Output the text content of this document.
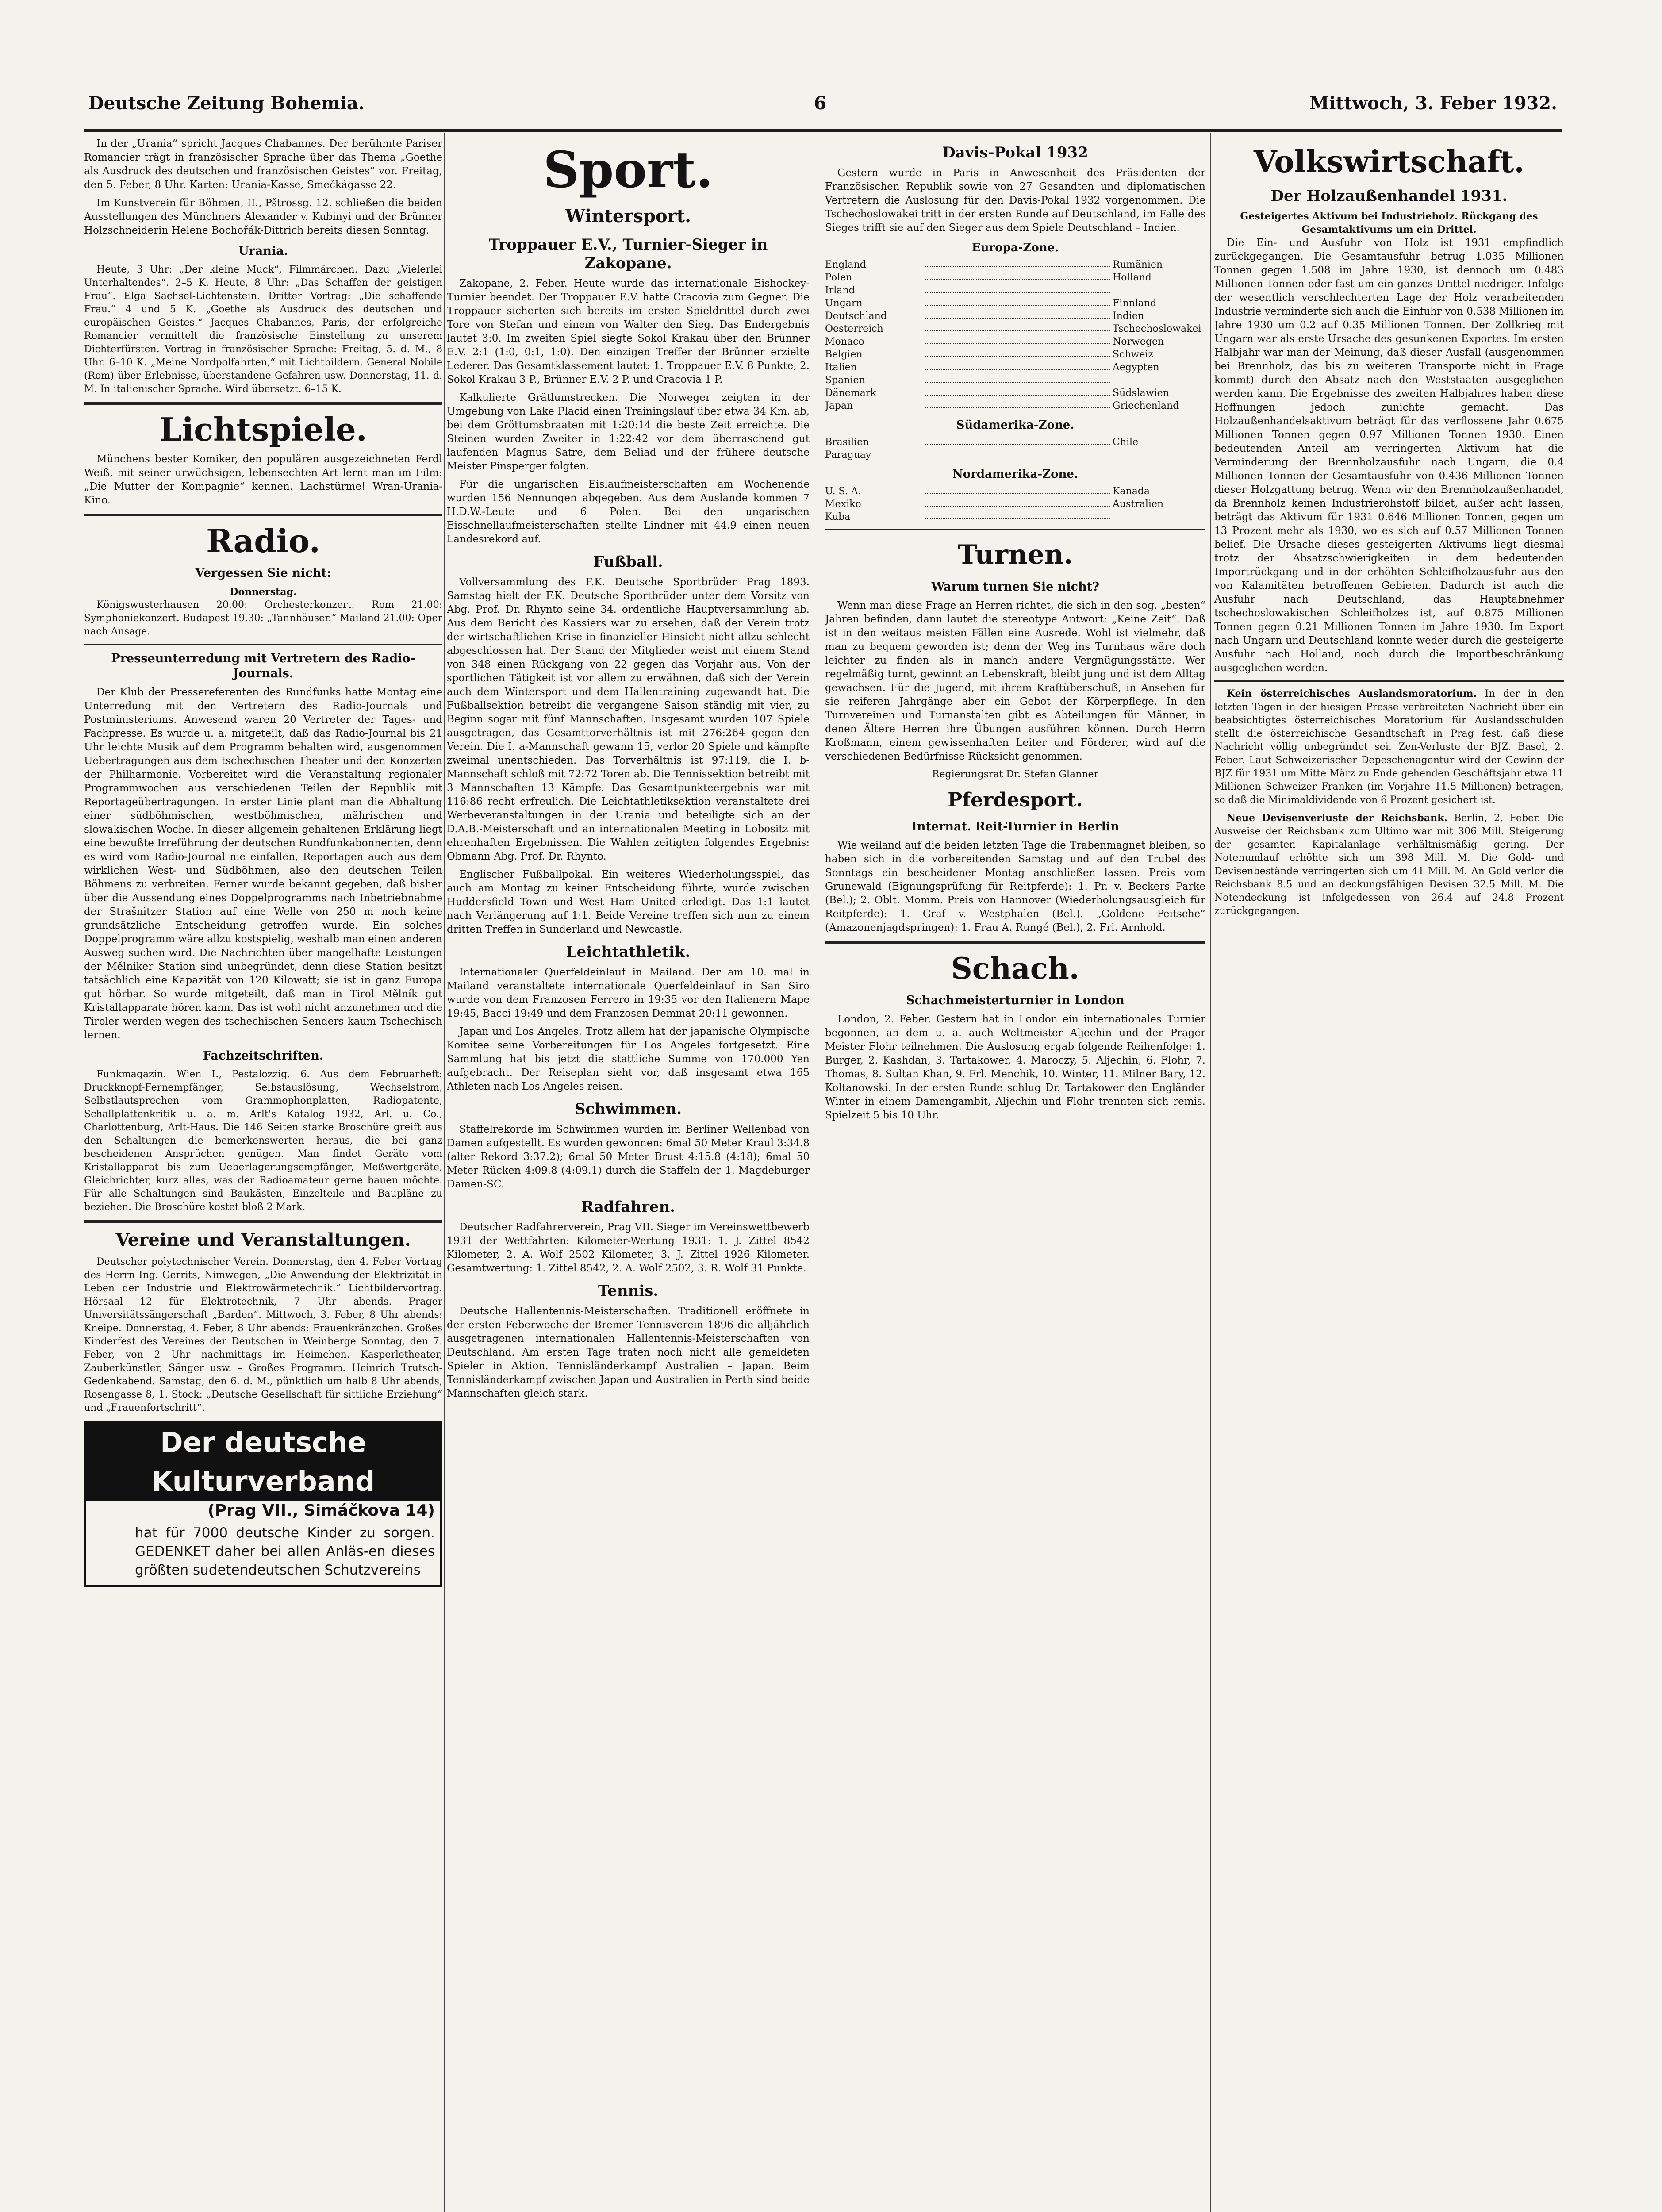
Deutsche Zeitung Bohemia.	6	Mittwoch, 3. Feber 1932.

In der „Urania“ spricht Jacques Chabannes. Der berühmte Pariser Romancier trägt in französischer Sprache über das Thema „Goethe als Ausdruck des deutschen und französischen Geistes“ vor. Freitag, den 5. Feber, 8 Uhr. Karten: Urania-Kasse, Smečkágasse 22.

Im Kunstverein für Böhmen, II., Pštrossg. 12, schließen die beiden Ausstellungen des Münchners Alexander v. Kubinyi und der Brünner Holzschneiderin Helene Bochořák-Dittrich bereits diesen Sonntag.

Urania.

Heute, 3 Uhr: „Der kleine Muck“, Filmmärchen. Dazu „Vielerlei Unterhaltendes“. 2–5 K. Heute, 8 Uhr: „Das Schaffen der geistigen Frau“. Elga Sachsel-Lichtenstein. Dritter Vortrag: „Die schaffende Frau.“ 4 und 5 K. „Goethe als Ausdruck des deutschen und europäischen Geistes.“ Jacques Chabannes, Paris, der erfolgreiche Romancier vermittelt die französische Einstellung zu unserem Dichterfürsten. Vortrag in französischer Sprache: Freitag, 5. d. M., 8 Uhr. 6–10 K. „Meine Nordpolfahrten,“ mit Lichtbildern. General Nobile (Rom) über Erlebnisse, überstandene Gefahren usw. Donnerstag, 11. d. M. In italienischer Sprache. Wird übersetzt. 6–15 K.

Lichtspiele.

Münchens bester Komiker, den populären ausgezeichneten Ferdl Weiß, mit seiner urwüchsigen, lebensechten Art lernt man im Film: „Die Mutter der Kompagnie“ kennen. Lachstürme! Wran-Urania-Kino.

Radio.
Vergessen Sie nicht:
Donnerstag.

Königswusterhausen 20.00: Orchesterkonzert. Rom 21.00: Symphoniekonzert. Budapest 19.30: „Tannhäuser.“ Mailand 21.00: Oper nach Ansage.

Presseunterredung mit Vertretern des Radio-Journals.

Der Klub der Pressereferenten des Rundfunks hatte Montag eine Unterredung mit den Vertretern des Radio-Journals und Postministeriums. Anwesend waren 20 Vertreter der Tages- und Fachpresse. Es wurde u. a. mitgeteilt, daß das Radio-Journal bis 21 Uhr leichte Musik auf dem Programm behalten wird, ausgenommen Uebertragungen aus dem tschechischen Theater und den Konzerten der Philharmonie. Vorbereitet wird die Veranstaltung regionaler Programmwochen aus verschiedenen Teilen der Republik mit Reportageübertragungen. In erster Linie plant man die Abhaltung einer südböhmischen, westböhmischen, mährischen und slowakischen Woche. In dieser allgemein gehaltenen Erklärung liegt eine bewußte Irreführung der deutschen Rundfunkabonnenten, denn es wird vom Radio-Journal nie einfallen, Reportagen auch aus dem wirklichen West- und Südböhmen, also den deutschen Teilen Böhmens zu verbreiten. Ferner wurde bekannt gegeben, daß bisher über die Aussendung eines Doppelprogramms nach Inbetriebnahme der Strašnitzer Station auf eine Welle von 250 m noch keine grundsätzliche Entscheidung getroffen wurde. Ein solches Doppelprogramm wäre allzu kostspielig, weshalb man einen anderen Ausweg suchen wird. Die Nachrichten über mangelhafte Leistungen der Mělniker Station sind unbegründet, denn diese Station besitzt tatsächlich eine Kapazität von 120 Kilowatt; sie ist in ganz Europa gut hörbar. So wurde mitgeteilt, daß man in Tirol Mělník gut Kristallapparate hören kann. Das ist wohl nicht anzunehmen und die Tiroler werden wegen des tschechischen Senders kaum Tschechisch lernen.

Fachzeitschriften.

Funkmagazin. Wien I., Pestalozzig. 6. Aus dem Februarheft: Druckknopf-Fernempfänger, Selbstauslösung, Wechselstrom, Selbstlautsprechen vom Grammophonplatten, Radiopatente, Schallplattenkritik u. a. m. Arlt's Katalog 1932, Arl. u. Co., Charlottenburg, Arlt-Haus. Die 146 Seiten starke Broschüre greift aus den Schaltungen die bemerkenswerten heraus, die bei ganz bescheidenen Ansprüchen genügen. Man findet Geräte vom Kristallapparat bis zum Ueberlagerungsempfänger, Meßwertgeräte, Gleichrichter, kurz alles, was der Radioamateur gerne bauen möchte. Für alle Schaltungen sind Baukästen, Einzelteile und Baupläne zu beziehen. Die Broschüre kostet bloß 2 Mark.

Vereine und Veranstaltungen.

Deutscher polytechnischer Verein. Donnerstag, den 4. Feber Vortrag des Herrn Ing. Gerrits, Nimwegen, „Die Anwendung der Elektrizität in Leben der Industrie und Elektrowärmetechnik.“ Lichtbildervortrag. Hörsaal 12 für Elektrotechnik, 7 Uhr abends. Prager Universitätssängerschaft „Barden“. Mittwoch, 3. Feber, 8 Uhr abends: Kneipe. Donnerstag, 4. Feber, 8 Uhr abends: Frauenkränzchen. Großes Kinderfest des Vereines der Deutschen in Weinberge Sonntag, den 7. Feber, von 2 Uhr nachmittags im Heimchen. Kasperletheater, Zauberkünstler, Sänger usw. – Großes Programm. Heinrich Trutsch-Gedenkabend. Samstag, den 6. d. M., pünktlich um halb 8 Uhr abends, Rosengasse 8, 1. Stock: „Deutsche Gesellschaft für sittliche Erziehung“ und „Frauenfortschritt“.

Der deutsche Kulturverband
(Prag VII., Simáčkova 14)
hat für 7000 deutsche Kinder zu sorgen. GEDENKET daher bei allen Anläs-en dieses größten sudetendeutschen Schutzvereins
Sport.
Wintersport.
Troppauer E.V., Turnier-Sieger in Zakopane.

Zakopane, 2. Feber. Heute wurde das internationale Eishockey-Turnier beendet. Der Troppauer E.V. hatte Cracovia zum Gegner. Die Troppauer sicherten sich bereits im ersten Spieldrittel durch zwei Tore von Stefan und einem von Walter den Sieg. Das Endergebnis lautet 3:0. Im zweiten Spiel siegte Sokol Krakau über den Brünner E.V. 2:1 (1:0, 0:1, 1:0). Den einzigen Treffer der Brünner erzielte Lederer. Das Gesamtklassement lautet: 1. Troppauer E.V. 8 Punkte, 2. Sokol Krakau 3 P., Brünner E.V. 2 P. und Cracovia 1 P.

Kalkulierte Grätlumstrecken. Die Norweger zeigten in der Umgebung von Lake Placid einen Trainingslauf über etwa 34 Km. ab, bei dem Gröttumsbraaten mit 1:20:14 die beste Zeit erreichte. Die Steinen wurden Zweiter in 1:22:42 vor dem überraschend gut laufenden Magnus Satre, dem Beliad und der frühere deutsche Meister Pinsperger folgten.

Für die ungarischen Eislaufmeisterschaften am Wochenende wurden 156 Nennungen abgegeben. Aus dem Auslande kommen 7 H.D.W.-Leute und 6 Polen. Bei den ungarischen Eisschnellaufmeisterschaften stellte Lindner mit 44.9 einen neuen Landesrekord auf.

Fußball.

Vollversammlung des F.K. Deutsche Sportbrüder Prag 1893. Samstag hielt der F.K. Deutsche Sportbrüder unter dem Vorsitz von Abg. Prof. Dr. Rhynto seine 34. ordentliche Hauptversammlung ab. Aus dem Bericht des Kassiers war zu ersehen, daß der Verein trotz der wirtschaftlichen Krise in finanzieller Hinsicht nicht allzu schlecht abgeschlossen hat. Der Stand der Mitglieder weist mit einem Stand von 348 einen Rückgang von 22 gegen das Vorjahr aus. Von der sportlichen Tätigkeit ist vor allem zu erwähnen, daß sich der Verein auch dem Wintersport und dem Hallentraining zugewandt hat. Die Fußballsektion betreibt die vergangene Saison ständig mit vier, zu Beginn sogar mit fünf Mannschaften. Insgesamt wurden 107 Spiele ausgetragen, das Gesamttorverhältnis ist mit 276:264 gegen den Verein. Die I. a-Mannschaft gewann 15, verlor 20 Spiele und kämpfte zweimal unentschieden. Das Torverhältnis ist 97:119, die I. b-Mannschaft schloß mit 72:72 Toren ab. Die Tennissektion betreibt mit 3 Mannschaften 13 Kämpfe. Das Gesamtpunkteergebnis war mit 116:86 recht erfreulich. Die Leichtathletiksektion veranstaltete drei Werbeveranstaltungen in der Urania und beteiligte sich an der D.A.B.-Meisterschaft und an internationalen Meeting in Lobositz mit ehrenhaften Ergebnissen. Die Wahlen zeitigten folgendes Ergebnis: Obmann Abg. Prof. Dr. Rhynto.

Englischer Fußballpokal. Ein weiteres Wiederholungsspiel, das auch am Montag zu keiner Entscheidung führte, wurde zwischen Huddersfield Town und West Ham United erledigt. Das 1:1 lautet nach Verlängerung auf 1:1. Beide Vereine treffen sich nun zu einem dritten Treffen in Sunderland und Newcastle.

Leichtathletik.

Internationaler Querfeldeinlauf in Mailand. Der am 10. mal in Mailand veranstaltete internationale Querfeldeinlauf in San Siro wurde von dem Franzosen Ferrero in 19:35 vor den Italienern Mape 19:45, Bacci 19:49 und dem Franzosen Demmat 20:11 gewonnen.

Japan und Los Angeles. Trotz allem hat der japanische Olympische Komitee seine Vorbereitungen für Los Angeles fortgesetzt. Eine Sammlung hat bis jetzt die stattliche Summe von 170.000 Yen aufgebracht. Der Reiseplan sieht vor, daß insgesamt etwa 165 Athleten nach Los Angeles reisen.

Schwimmen.

Staffelrekorde im Schwimmen wurden im Berliner Wellenbad von Damen aufgestellt. Es wurden gewonnen: 6mal 50 Meter Kraul 3:34.8 (alter Rekord 3:37.2); 6mal 50 Meter Brust 4:15.8 (4:18); 6mal 50 Meter Rücken 4:09.8 (4:09.1) durch die Staffeln der 1. Magdeburger Damen-SC.

Radfahren.

Deutscher Radfahrerverein, Prag VII. Sieger im Vereinswettbewerb 1931 der Wettfahrten: Kilometer-Wertung 1931: 1. J. Zittel 8542 Kilometer, 2. A. Wolf 2502 Kilometer, 3. J. Zittel 1926 Kilometer. Gesamtwertung: 1. Zittel 8542, 2. A. Wolf 2502, 3. R. Wolf 31 Punkte.

Tennis.

Deutsche Hallentennis-Meisterschaften. Traditionell eröffnete in der ersten Feberwoche der Bremer Tennisverein 1896 die alljährlich ausgetragenen internationalen Hallentennis-Meisterschaften von Deutschland. Am ersten Tage traten noch nicht alle gemeldeten Spieler in Aktion. Tennisländerkampf Australien – Japan. Beim Tennisländerkampf zwischen Japan und Australien in Perth sind beide Mannschaften gleich stark.

Davis-Pokal 1932

Gestern wurde in Paris in Anwesenheit des Präsidenten der Französischen Republik sowie von 27 Gesandten und diplomatischen Vertretern die Auslosung für den Davis-Pokal 1932 vorgenommen. Die Tschechoslowakei tritt in der ersten Runde auf Deutschland, im Falle des Sieges trifft sie auf den Sieger aus dem Spiele Deutschland – Indien.

Europa-Zone.
England	Rumänien
Polen	Holland
Irland
Ungarn	Finnland
Deutschland	Indien
Oesterreich	Tschechoslowakei
Monaco	Norwegen
Belgien	Schweiz
Italien	Aegypten
Spanien
Dänemark	Südslawien
Japan	Griechenland
Südamerika-Zone.
Brasilien	Chile
Paraguay
Nordamerika-Zone.
U. S. A.	Kanada
Mexiko	Australien
Kuba
Turnen.
Warum turnen Sie nicht?

Wenn man diese Frage an Herren richtet, die sich in den sog. „besten“ Jahren befinden, dann lautet die stereotype Antwort: „Keine Zeit“. Daß ist in den weitaus meisten Fällen eine Ausrede. Wohl ist vielmehr, daß man zu bequem geworden ist; denn der Weg ins Turnhaus wäre doch leichter zu finden als in manch andere Vergnügungsstätte. Wer regelmäßig turnt, gewinnt an Lebenskraft, bleibt jung und ist dem Alltag gewachsen. Für die Jugend, mit ihrem Kraftüberschuß, in Ansehen für sie reiferen Jahrgänge aber ein Gebot der Körperpflege. In den Turnvereinen und Turnanstalten gibt es Abteilungen für Männer, in denen Ältere Herren ihre Übungen ausführen können. Durch Herrn Kroßmann, einem gewissenhaften Leiter und Förderer, wird auf die verschiedenen Bedürfnisse Rücksicht genommen.

Regierungsrat Dr. Stefan Glanner

Pferdesport.
Internat. Reit-Turnier in Berlin

Wie weiland auf die beiden letzten Tage die Trabenmagnet bleiben, so haben sich in die vorbereitenden Samstag und auf den Trubel des Sonntags ein bescheidener Montag anschließen lassen. Preis vom Grunewald (Eignungsprüfung für Reitpferde): 1. Pr. v. Beckers Parke (Bel.); 2. Oblt. Momm. Preis von Hannover (Wiederholungsausgleich für Reitpferde): 1. Graf v. Westphalen (Bel.). „Goldene Peitsche“ (Amazonenjagdspringen): 1. Frau A. Rungé (Bel.), 2. Frl. Arnhold.

Schach.
Schachmeisterturnier in London

London, 2. Feber. Gestern hat in London ein internationales Turnier begonnen, an dem u. a. auch Weltmeister Aljechin und der Prager Meister Flohr teilnehmen. Die Auslosung ergab folgende Reihenfolge: 1. Burger, 2. Kashdan, 3. Tartakower, 4. Maroczy, 5. Aljechin, 6. Flohr, 7. Thomas, 8. Sultan Khan, 9. Frl. Menchik, 10. Winter, 11. Milner Bary, 12. Koltanowski. In der ersten Runde schlug Dr. Tartakower den Engländer Winter in einem Damengambit, Aljechin und Flohr trennten sich remis. Spielzeit 5 bis 10 Uhr.

Volkswirtschaft.
Der Holzaußenhandel 1931.
Gesteigertes Aktivum bei Industrieholz. Rückgang des Gesamtaktivums um ein Drittel.

Die Ein- und Ausfuhr von Holz ist 1931 empfindlich zurückgegangen. Die Gesamtausfuhr betrug 1.035 Millionen Tonnen gegen 1.508 im Jahre 1930, ist dennoch um 0.483 Millionen Tonnen oder fast um ein ganzes Drittel niedriger. Infolge der wesentlich verschlechterten Lage der Holz verarbeitenden Industrie verminderte sich auch die Einfuhr von 0.538 Millionen im Jahre 1930 um 0.2 auf 0.35 Millionen Tonnen. Der Zollkrieg mit Ungarn war als erste Ursache des gesunkenen Exportes. Im ersten Halbjahr war man der Meinung, daß dieser Ausfall (ausgenommen bei Brennholz, das bis zu weiteren Transporte nicht in Frage kommt) durch den Absatz nach den Weststaaten ausgeglichen werden kann. Die Ergebnisse des zweiten Halbjahres haben diese Hoffnungen jedoch zunichte gemacht. Das Holzaußenhandelsaktivum beträgt für das verflossene Jahr 0.675 Millionen Tonnen gegen 0.97 Millionen Tonnen 1930. Einen bedeutenden Anteil am verringerten Aktivum hat die Verminderung der Brennholzausfuhr nach Ungarn, die 0.4 Millionen Tonnen der Gesamtausfuhr von 0.436 Millionen Tonnen dieser Holzgattung betrug. Wenn wir den Brennholzaußenhandel, da Brennholz keinen Industrierohstoff bildet, außer acht lassen, beträgt das Aktivum für 1931 0.646 Millionen Tonnen, gegen um 13 Prozent mehr als 1930, wo es sich auf 0.57 Millionen Tonnen belief. Die Ursache dieses gesteigerten Aktivums liegt diesmal trotz der Absatzschwierigkeiten in dem bedeutenden Importrückgang und in der erhöhten Schleifholzausfuhr aus den von Kalamitäten betroffenen Gebieten. Dadurch ist auch die Ausfuhr nach Deutschland, das Hauptabnehmer tschechoslowakischen Schleifholzes ist, auf 0.875 Millionen Tonnen gegen 0.21 Millionen Tonnen im Jahre 1930. Im Export nach Ungarn und Deutschland konnte weder durch die gesteigerte Ausfuhr nach Holland, noch durch die Importbeschränkung ausgeglichen werden.

Kein österreichisches Auslandsmoratorium. In der in den letzten Tagen in der hiesigen Presse verbreiteten Nachricht über ein beabsichtigtes österreichisches Moratorium für Auslandsschulden stellt die österreichische Gesandtschaft in Prag fest, daß diese Nachricht völlig unbegründet sei. Zen-Verluste der BJZ. Basel, 2. Feber. Laut Schweizerischer Depeschenagentur wird der Gewinn der BJZ für 1931 um Mitte März zu Ende gehenden Geschäftsjahr etwa 11 Millionen Schweizer Franken (im Vorjahre 11.5 Millionen) betragen, so daß die Minimaldividende von 6 Prozent gesichert ist.

Neue Devisenverluste der Reichsbank. Berlin, 2. Feber. Die Ausweise der Reichsbank zum Ultimo war mit 306 Mill. Steigerung der gesamten Kapitalanlage verhältnismäßig gering. Der Notenumlauf erhöhte sich um 398 Mill. M. Die Gold- und Devisenbestände verringerten sich um 41 Mill. M. An Gold verlor die Reichsbank 8.5 und an deckungsfähigen Devisen 32.5 Mill. M. Die Notendeckung ist infolgedessen von 26.4 auf 24.8 Prozent zurückgegangen.
